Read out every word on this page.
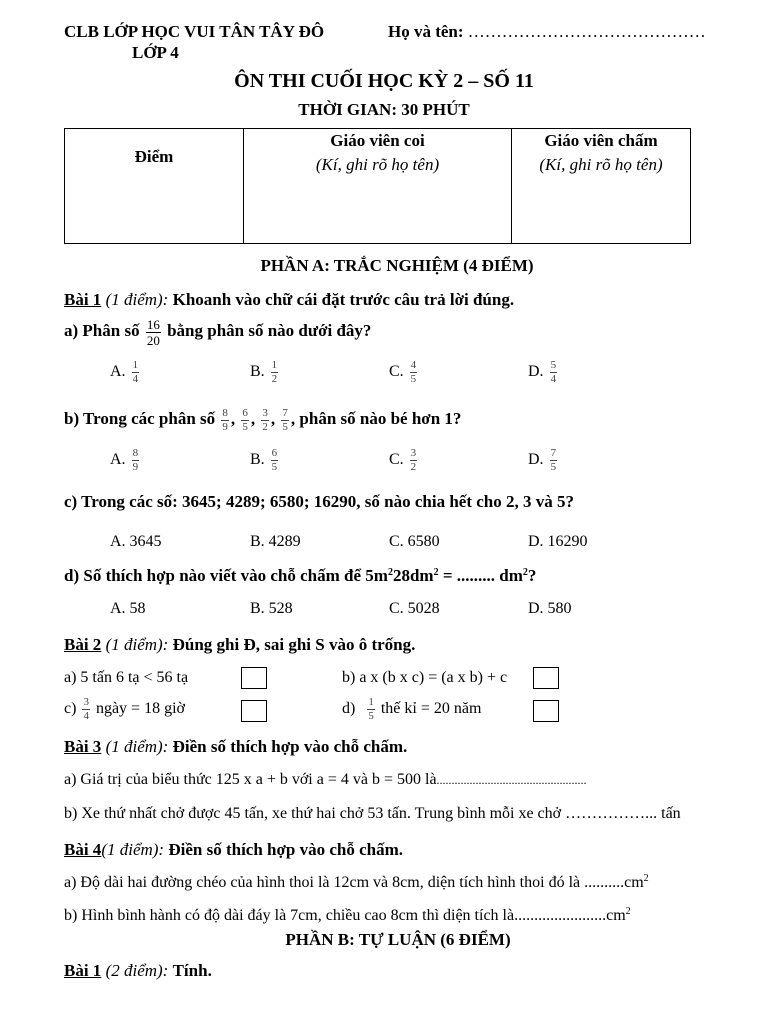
CLB LỚP HỌC VUI TÂN TÂY ĐÔ
LỚP 4
Họ và tên: ……………………………………
ÔN THI CUỐI HỌC KỲ 2 – SỐ 11
THỜI GIAN: 30 PHÚT
Điểm

Giáo viên coi
(Kí, ghi rõ họ tên)

Giáo viên chấm
(Kí, ghi rõ họ tên)
PHẦN A: TRẮC NGHIỆM (4 ĐIỂM)
Bài 1 (1 điểm): Khoanh vào chữ cái đặt trước câu trả lời đúng.
a) Phân số $\frac{16}{20}$ bằng phân số nào dưới đây?
A. $\frac{1}{4}$	B. $\frac{1}{2}$	C. $\frac{4}{5}$	D. $\frac{5}{4}$
b) Trong các phân số $\frac{8}{9}$ , $\frac{6}{5}$ , $\frac{3}{2}$ , $\frac{7}{5}$ , phân số nào bé hơn 1?
A. $\frac{8}{9}$	B. $\frac{6}{5}$	C. $\frac{3}{2}$	D. $\frac{7}{5}$
c) Trong các số: 3645; 4289; 6580; 16290, số nào chia hết cho 2, 3 và 5?
A. 3645	B. 4289	C. 6580	D. 16290
d) Số thích hợp nào viết vào chỗ chấm để $5m^228dm^2$ = ......... $dm^2$?
A. 58	B. 528	C. 5028	D. 580
Bài 2 (1 điểm): Đúng ghi Đ, sai ghi S vào ô trống.
a) 5 tấn 6 tạ < 56 tạ	b) a x (b x c) = (a x b) + c
$c) \frac{3}{4}$ ngày = 18 giờ	$d) \frac{1}{5}$ thế kỉ = 20 năm
Bài 3 (1 điểm): Điền số thích hợp vào chỗ chấm.
a) Giá trị của biểu thức 125 x a + b với a = 4 và b = 500 là..................................................
b) Xe thứ nhất chở được 45 tấn, xe thứ hai chở 53 tấn. Trung bình mỗi xe chở ……………... tấn
Bài 4(1 điểm): Điền số thích hợp vào chỗ chấm.
a) Độ dài hai đường chéo của hình thoi là 12cm và 8cm, diện tích hình thoi đó là $..........cm^2$
b) Hình bình hành có độ dài đáy là 7cm, chiều cao 8cm thì diện tích $là.......................cm^2$
PHẦN B: TỰ LUẬN (6 ĐIỂM)
Bài 1 (2 điểm): Tính.
